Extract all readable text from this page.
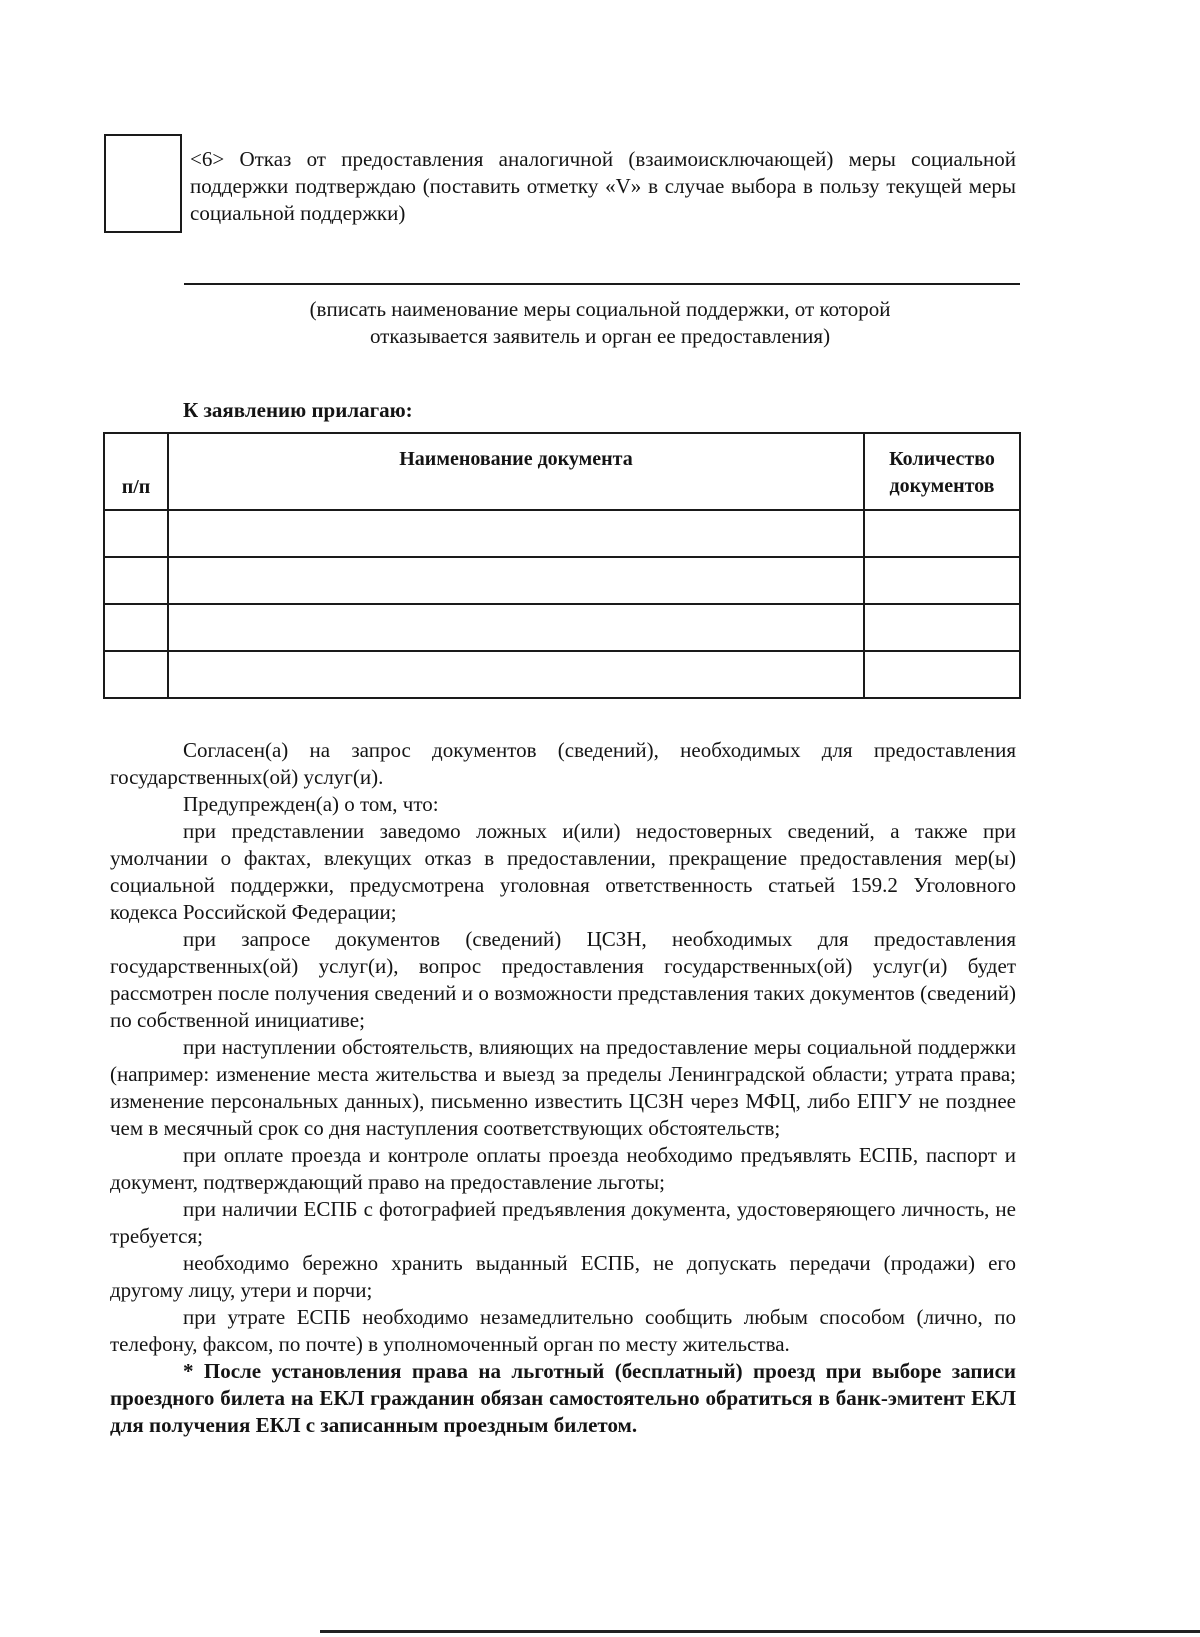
<6> Отказ от предоставления аналогичной (взаимоисключающей) меры социальной поддержки подтверждаю (поставить отметку «V» в случае выбора в пользу текущей меры социальной поддержки)
(вписать наименование меры социальной поддержки, от которой
отказывается заявитель и орган ее предоставления)
К заявлению прилагаю:
п/п	Наименование документа	Количество документов

Согласен(а) на запрос документов (сведений), необходимых для предоставления государственных(ой) услуг(и).

Предупрежден(а) о том, что:

при представлении заведомо ложных и(или) недостоверных сведений, а также при умолчании о фактах, влекущих отказ в предоставлении, прекращение предоставления мер(ы) социальной поддержки, предусмотрена уголовная ответственность статьей 159.2 Уголовного кодекса Российской Федерации;

при запросе документов (сведений) ЦСЗН, необходимых для предоставления государственных(ой) услуг(и), вопрос предоставления государственных(ой) услуг(и) будет рассмотрен после получения сведений и о возможности представления таких документов (сведений) по собственной инициативе;

при наступлении обстоятельств, влияющих на предоставление меры социальной поддержки (например: изменение места жительства и выезд за пределы Ленинградской области; утрата права; изменение персональных данных), письменно известить ЦСЗН через МФЦ, либо ЕПГУ не позднее чем в месячный срок со дня наступления соответствующих обстоятельств;

при оплате проезда и контроле оплаты проезда необходимо предъявлять ЕСПБ, паспорт и документ, подтверждающий право на предоставление льготы;

при наличии ЕСПБ с фотографией предъявления документа, удостоверяющего личность, не требуется;

необходимо бережно хранить выданный ЕСПБ, не допускать передачи (продажи) его другому лицу, утери и порчи;

при утрате ЕСПБ необходимо незамедлительно сообщить любым способом (лично, по телефону, факсом, по почте) в уполномоченный орган по месту жительства.

* После установления права на льготный (бесплатный) проезд при выборе записи проездного билета на ЕКЛ гражданин обязан самостоятельно обратиться в банк-эмитент ЕКЛ для получения ЕКЛ с записанным проездным билетом.
